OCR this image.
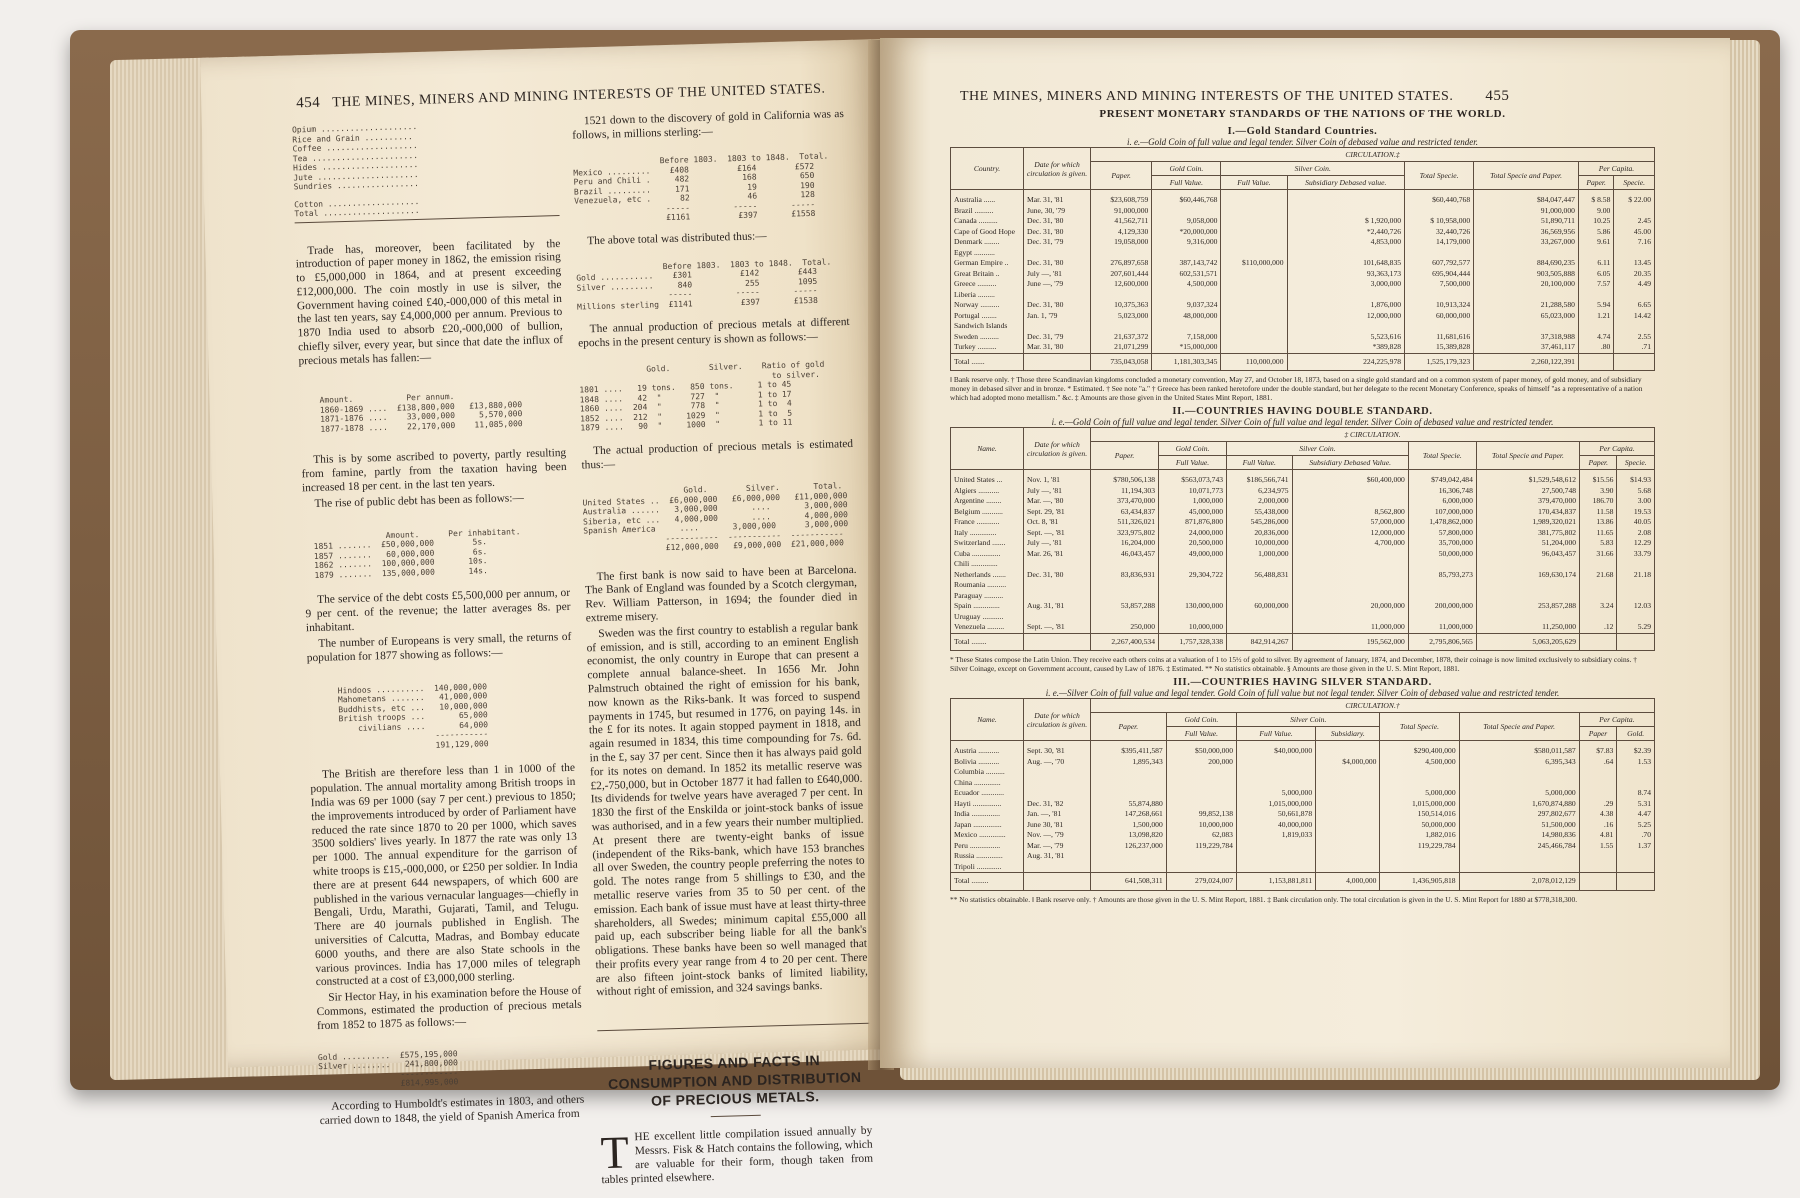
454 THE MINES, MINERS AND MINING INTERESTS OF THE UNITED STATES.
Opium ....................
Rice and Grain ..........
Coffee ...................
Tea ......................
Hides ....................
Jute .....................
Sundries .................
Cotton ...................
Total ....................

Trade has, moreover, been facilitated by the introduction of paper money in 1862, the emission rising to £5,000,000 in 1864, and at present exceeding £12,000,000. The coin mostly in use is silver, the Government having coined £40,-000,000 of this metal in the last ten years, say £4,000,000 per annum. Previous to 1870 India used to absorb £20,-000,000 of bullion, chiefly silver, every year, but since that date the influx of precious metals has fallen:—

Amount.           Per annum.
1860-1869 ....  £138,800,000   £13,880,000
1871-1876 ....    33,000,000     5,570,000
1877-1878 ....    22,170,000    11,085,000

This is by some ascribed to poverty, partly resulting from famine, partly from the taxation having been increased 18 per cent. in the last ten years.

The rise of public debt has been as follows:—

Amount.      Per inhabitant.
1851 .......  £50,000,000        5s.
1857 .......   60,000,000        6s.
1862 .......  100,000,000       10s.
1879 .......  135,000,000       14s.

The service of the debt costs £5,500,000 per annum, or 9 per cent. of the revenue; the latter averages 8s. per inhabitant.

The number of Europeans is very small, the returns of population for 1877 showing as follows:—

Hindoos ..........  140,000,000
Mahometans .......   41,000,000
Buddhists, etc ...   10,000,000
British troops ...       65,000
civilians ....       64,000
-----------
191,129,000

The British are therefore less than 1 in 1000 of the population. The annual mortality among British troops in India was 69 per 1000 (say 7 per cent.) previous to 1850; the improvements introduced by order of Parliament have reduced the rate since 1870 to 20 per 1000, which saves 3500 soldiers' lives yearly. In 1877 the rate was only 13 per 1000. The annual expenditure for the garrison of white troops is £15,-000,000, or £250 per soldier. In India there are at present 644 newspapers, of which 600 are published in the various vernacular languages—chiefly in Bengali, Urdu, Marathi, Gujarati, Tamil, and Telugu. There are 40 journals published in English. The universities of Calcutta, Madras, and Bombay educate 6000 youths, and there are also State schools in the various provinces. India has 17,000 miles of telegraph constructed at a cost of £3,000,000 sterling.

Sir Hector Hay, in his examination before the House of Commons, estimated the production of precious metals from 1852 to 1875 as follows:—

Gold ..........  £575,195,000
Silver ........   241,800,000
------------
£814,995,000

According to Humboldt's estimates in 1803, and others carried down to 1848, the yield of Spanish America from

1521 down to the discovery of gold in California was as follows, in millions sterling:—

Before 1803.  1803 to 1848.  Total.
Mexico .........    £408          £164        £572
Peru and Chili .     482           168         650
Brazil .........     171            19         190
Venezuela, etc .      82            46         128
-----         -----       -----
£1161          £397       £1558

The above total was distributed thus:—

Before 1803.  1803 to 1848.  Total.
Gold ...........    £301          £142        £443
Silver .........     840           255        1095
-----         -----       -----
Millions sterling  £1141          £397       £1538

The annual production of precious metals at different epochs in the present century is shown as follows:—

Gold.        Silver.    Ratio of gold
to silver.
1801 ....   19 tons.   850 tons.     1 to 45
1848 ....   42  "      727  "        1 to 17
1860 ....  204  "      778  "        1 to  4
1852 ....  212  "     1029  "        1 to  5
1879 ....   90  "     1000  "        1 to 11

The actual production of precious metals is estimated thus:—

Gold.        Silver.       Total.
United States ..  £6,000,000   £6,000,000   £11,000,000
Australia ......   3,000,000       ....       3,000,000
Siberia, etc ...   4,000,000       ....       4,000,000
Spanish America     ....       3,000,000      3,000,000
-----------  -----------  -----------
£12,000,000   £9,000,000  £21,000,000

The first bank is now said to have been at Barcelona. The Bank of England was founded by a Scotch clergyman, Rev. William Patterson, in 1694; the founder died in extreme misery.

Sweden was the first country to establish a regular bank of emission, and is still, according to an eminent English economist, the only country in Europe that can present a complete annual balance-sheet. In 1656 Mr. John Palmstruch obtained the right of emission for his bank, now known as the Riks-bank. It was forced to suspend payments in 1745, but resumed in 1776, on paying 14s. in the £ for its notes. It again stopped payment in 1818, and again resumed in 1834, this time compounding for 7s. 6d. in the £, say 37 per cent. Since then it has always paid gold for its notes on demand. In 1852 its metallic reserve was £2,-750,000, but in October 1877 it had fallen to £640,000. Its dividends for twelve years have averaged 7 per cent. In 1830 the first of the Enskilda or joint-stock banks of issue was authorised, and in a few years their number multiplied. At present there are twenty-eight banks of issue (independent of the Riks-bank, which have 153 branches all over Sweden, the country people preferring the notes to gold. The notes range from 5 shillings to £30, and the metallic reserve varies from 35 to 50 per cent. of the emission. Each bank of issue must have at least thirty-three shareholders, all Swedes; minimum capital £55,000 all paid up, each subscriber being liable for all the bank's obligations. These banks have been so well managed that their profits every year range from 4 to 20 per cent. There are also fifteen joint-stock banks of limited liability, without right of emission, and 324 savings banks.

FIGURES AND FACTS IN CONSUMPTION AND DISTRIBUTION OF PRECIOUS METALS.
T HE excellent little compilation issued annually by Messrs. Fisk & Hatch contains the following, which are valuable for their form, though taken from tables printed elsewhere.
THE MINES, MINERS AND MINING INTERESTS OF THE UNITED STATES. 455
PRESENT MONETARY STANDARDS OF THE NATIONS OF THE WORLD.
I.—Gold Standard Countries.
i. e.—Gold Coin of full value and legal tender. Silver Coin of debased value and restricted tender.
Country.	Date for which circulation is given.	CIRCULATION.‡							
		Paper.	Gold Coin.	Silver Coin.		Total Specie.	Total Specie and Paper.	Per Capita.	
			Full Value.	Full Value.	Subsidiary Debased value.			Paper.	Specie.
Australia ......	Mar. 31, '81	$23,608,759	$60,446,768			$60,440,768	$84,047,447	$ 8.58	$ 22.00
Brazil ..........	June, 30, '79	91,000,000					91,000,000	9.00	
Canada ..........	Dec. 31, '80	41,562,711	9,058,000		$ 1,920,000	$ 10,958,000	51,890,711	10.25	2.45
Cape of Good Hope	Dec. 31, '80	4,129,330	*20,000,000		*2,440,726	32,440,726	36,569,956	5.86	45.00
Denmark ........	Dec. 31, '79	19,058,000	9,316,000		4,853,000	14,179,000	33,267,000	9.61	7.16
Egypt ...........									
German Empire ..	Dec. 31, '80	276,897,658	387,143,742	$110,000,000	101,648,835	607,792,577	884,690,235	6.11	13.45
Great Britain ..	July —, '81	207,601,444	602,531,571		93,363,173	695,904,444	903,505,888	6.05	20.35
Greece ..........	June —, '79	12,600,000	4,500,000		3,000,000	7,500,000	20,100,000	7.57	4.49
Liberia .........									
Norway ..........	Dec. 31, '80	10,375,363	9,037,324		1,876,000	10,913,324	21,288,580	5.94	6.65
Portugal ........	Jan. 1, '79	5,023,000	48,000,000		12,000,000	60,000,000	65,023,000	1.21	14.42
Sandwich Islands									
Sweden ..........	Dec. 31, '79	21,637,372	7,158,000		5,523,616	11,681,616	37,318,988	4.74	2.55
Turkey ..........	Mar. 31, '80	21,071,299	*15,000,000		*389,828	15,389,828	37,461,117	.80	.71
Total .......		735,043,058	1,181,303,345	110,000,000	224,225,978	1,525,179,323	2,260,122,391		
‖ Bank reserve only. † Those three Scandinavian kingdoms concluded a monetary convention, May 27, and October 18, 1873, based on a single gold standard and on a common system of paper money, of gold money, and of subsidiary money in debased silver and in bronze. * Estimated. † See note "a." † Greece has been ranked heretofore under the double standard, but her delegate to the recent Monetary Conference, speaks of himself "as a representative of a nation which had adopted mono metallism." &c. ‡ Amounts are those given in the United States Mint Report, 1881.
II.—COUNTRIES HAVING DOUBLE STANDARD.
i. e.—Gold Coin of full value and legal tender. Silver Coin of full value and legal tender. Silver Coin of debased value and restricted tender.
Name.	Date for which circulation is given.	‡ CIRCULATION.							
		Paper.	Gold Coin.	Silver Coin.		Total Specie.	Total Specie and Paper.	Per Capita.	
			Full Value.	Full Value.	Subsidiary Debased Value.			Paper.	Specie.
United States ...	Nov. 1, '81	$780,506,138	$563,073,743	$186,566,741	$60,400,000	$749,042,484	$1,529,548,612	$15.56	$14.93
Algiers ...........	July —, '81	11,194,303	10,071,773	6,234,975		16,306,748	27,500,748	3.90	5.68
Argentine ........	Mar. —, '80	373,470,000	1,000,000	2,000,000		6,000,000	379,470,000	186.70	3.00
Belgium ...........	Sept. 29, '81	63,434,837	45,000,000	55,438,000	8,562,800	107,000,000	170,434,837	11.58	19.53
France ............	Oct. 8, '81	511,326,021	871,876,800	545,286,000	57,000,000	1,478,862,000	1,989,320,021	13.86	40.05
Italy ..............	Sept. —, '81	323,975,802	24,000,000	20,836,000	12,000,000	57,800,000	381,775,802	11.65	2.08
Switzerland .......	July —, '81	16,204,000	20,500,000	10,000,000	4,700,000	35,700,000	51,204,000	5.83	12.29
Cuba ...............	Mar. 26, '81	46,043,457	49,000,000	1,000,000		50,000,000	96,043,457	31.66	33.79
Chili ..............									
Netherlands .......	Dec. 31, '80	83,836,931	29,304,722	56,488,831		85,793,273	169,630,174	21.68	21.18
Roumania ..........									
Paraguay ..........									
Spain ..............	Aug. 31, '81	53,857,288	130,000,000	60,000,000	20,000,000	200,000,000	253,857,288	3.24	12.03
Uruguay ...........									
Venezuela .........	Sept. —, '81	250,000	10,000,000		11,000,000	11,000,000	11,250,000	.12	5.29
Total ........		2,267,400,534	1,757,328,338	842,914,267	195,562,000	2,795,806,565	5,063,205,629		
* These States compose the Latin Union. They receive each others coins at a valuation of 1 to 15½ of gold to silver. By agreement of January, 1874, and December, 1878, their coinage is now limited exclusively to subsidiary coins. † Silver Coinage, except on Government account, caused by Law of 1876. ‡ Estimated. ** No statistics obtainable. § Amounts are those given in the U. S. Mint Report, 1881.
III.—COUNTRIES HAVING SILVER STANDARD.
i. e.—Silver Coin of full value and legal tender. Gold Coin of full value but not legal tender. Silver Coin of debased value and restricted tender.
Name.	Date for which circulation is given.	CIRCULATION.†							
		Paper.	Gold Coin.	Silver Coin.		Total Specie.	Total Specie and Paper.	Per Capita.	
			Full Value.	Full Value.	Subsidiary.			Paper	Gold.
Austria ...........	Sept. 30, '81	$395,411,587	$50,000,000	$40,000,000		$290,400,000	$580,011,587	$7.83	$2.39
Bolivia ...........	Aug. —, '70	1,895,343	200,000		$4,000,000	4,500,000	6,395,343	.64	1.53
Columbia ..........									
China ..............									
Ecuador ............				5,000,000		5,000,000	5,000,000		8.74
Hayti ...............	Dec. 31, '82	55,874,880		1,015,000,000		1,015,000,000	1,670,874,880	.29	5.31
India ...............	Jan. —, '81	147,268,661	99,852,138	50,661,878		150,514,016	297,802,677	4.38	4.47
Japan ...............	June 30, '81	1,500,000	10,000,000	40,000,000		50,000,000	51,500,000	.16	5.25
Mexico ..............	Nov. —, '79	13,098,820	62,083	1,819,033		1,882,016	14,980,836	4.81	.70
Peru ................	Mar. —, '79	126,237,000	119,229,784			119,229,784	245,466,784	1.55	1.37
Russia ..............	Aug. 31, '81								
Tripoli .............									
Total .........		641,508,311	279,024,007	1,153,881,811	4,000,000	1,436,905,818	2,078,012,129		
** No statistics obtainable. ‖ Bank reserve only. † Amounts are those given in the U. S. Mint Report, 1881. ‡ Bank circulation only. The total circulation is given in the U. S. Mint Report for 1880 at $778,318,300.
